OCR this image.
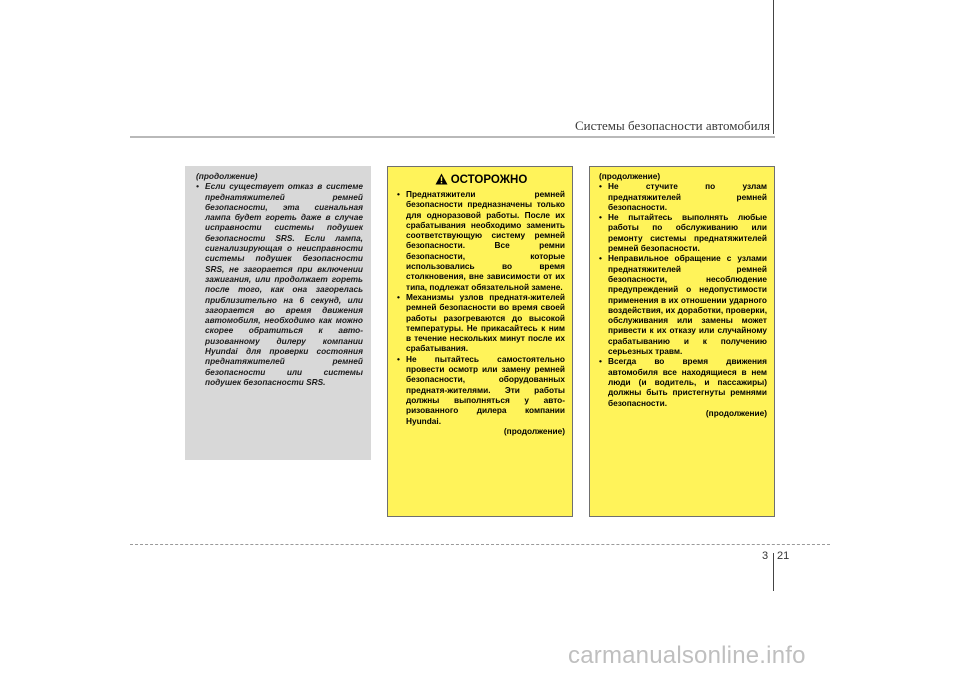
Системы безопасности автомобиля

(продолжение)

• Если существует отказ в системе преднатяжителей ремней безопасности, эта сигнальная лампа будет гореть даже в случае исправности системы подушек безопасности SRS. Если лампа, сигнализирующая о неисправности системы подушек безопасности SRS, не загорается при включении зажигания, или продолжает гореть после того, как она загорелась приблизительно на 6 секунд, или загорается во время движения автомобиля, необходимо как можно скорее обратиться к авто-ризованному дилеру компании Hyundai для проверки состояния преднатяжителей ремней безопасности или системы подушек безопасности SRS.
ОСТОРОЖНО
• Преднатяжители ремней безопасности предназначены только для одноразовой работы. После их срабатывания необходимо заменить соответствующую систему ремней безопасности. Все ремни безопасности, которые использовались во время столкновения, вне зависимости от их типа, подлежат обязательной замене.
• Механизмы узлов преднатя-жителей ремней безопасности во время своей работы разогреваются до высокой температуры. Не прикасайтесь к ним в течение нескольких минут после их срабатывания.
• Не пытайтесь самостоятельно провести осмотр или замену ремней безопасности, оборудованных преднатя-жителями. Эти работы должны выполняться у авто-ризованного дилера компании Hyundai.

(продолжение)

(продолжение)

• Не стучите по узлам преднатяжителей ремней безопасности.
• Не пытайтесь выполнять любые работы по обслуживанию или ремонту системы преднатяжителей ремней безопасности.
• Неправильное обращение с узлами преднатяжителей ремней безопасности, несоблюдение предупреждений о недопустимости применения в их отношении ударного воздействия, их доработки, проверки, обслуживания или замены может привести к их отказу или случайному срабатыванию и к получению серьезных травм.
• Всегда во время движения автомобиля все находящиеся в нем люди (и водитель, и пассажиры) должны быть пристегнуты ремнями безопасности.

(продолжение)

3 21
carmanualsonline.info
